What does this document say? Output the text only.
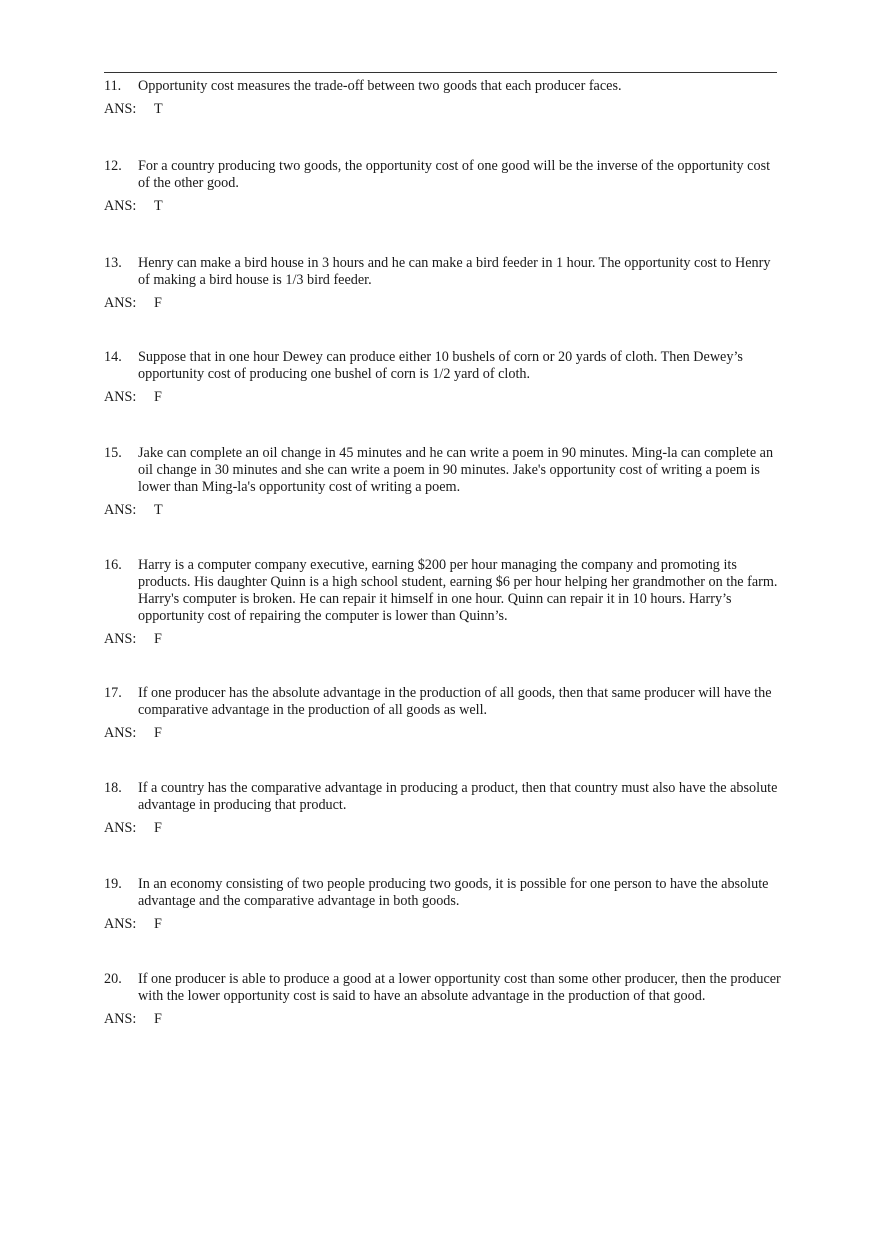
11.	Opportunity cost measures the trade-off between two goods that each producer faces.
ANS:	T
12.	For a country producing two goods, the opportunity cost of one good will be the inverse of the opportunity cost of the other good.
ANS:	T
13.	Henry can make a bird house in 3 hours and he can make a bird feeder in 1 hour. The opportunity cost to Henry of making a bird house is 1/3 bird feeder.
ANS:	F
14.	Suppose that in one hour Dewey can produce either 10 bushels of corn or 20 yards of cloth. Then Dewey’s opportunity cost of producing one bushel of corn is 1/2 yard of cloth.
ANS:	F
15.	Jake can complete an oil change in 45 minutes and he can write a poem in 90 minutes. Ming-la can complete an oil change in 30 minutes and she can write a poem in 90 minutes. Jake's opportunity cost of writing a poem is lower than Ming-la's opportunity cost of writing a poem.
ANS:	T
16.	Harry is a computer company executive, earning $200 per hour managing the company and promoting its products. His daughter Quinn is a high school student, earning $6 per hour helping her grandmother on the farm. Harry's computer is broken. He can repair it himself in one hour. Quinn can repair it in 10 hours. Harry’s opportunity cost of repairing the computer is lower than Quinn’s.
ANS:	F
17.	If one producer has the absolute advantage in the production of all goods, then that same producer will have the comparative advantage in the production of all goods as well.
ANS:	F
18.	If a country has the comparative advantage in producing a product, then that country must also have the absolute advantage in producing that product.
ANS:	F
19.	In an economy consisting of two people producing two goods, it is possible for one person to have the absolute advantage and the comparative advantage in both goods.
ANS:	F
20.	If one producer is able to produce a good at a lower opportunity cost than some other producer, then the producer with the lower opportunity cost is said to have an absolute advantage in the production of that good.
ANS:	F
